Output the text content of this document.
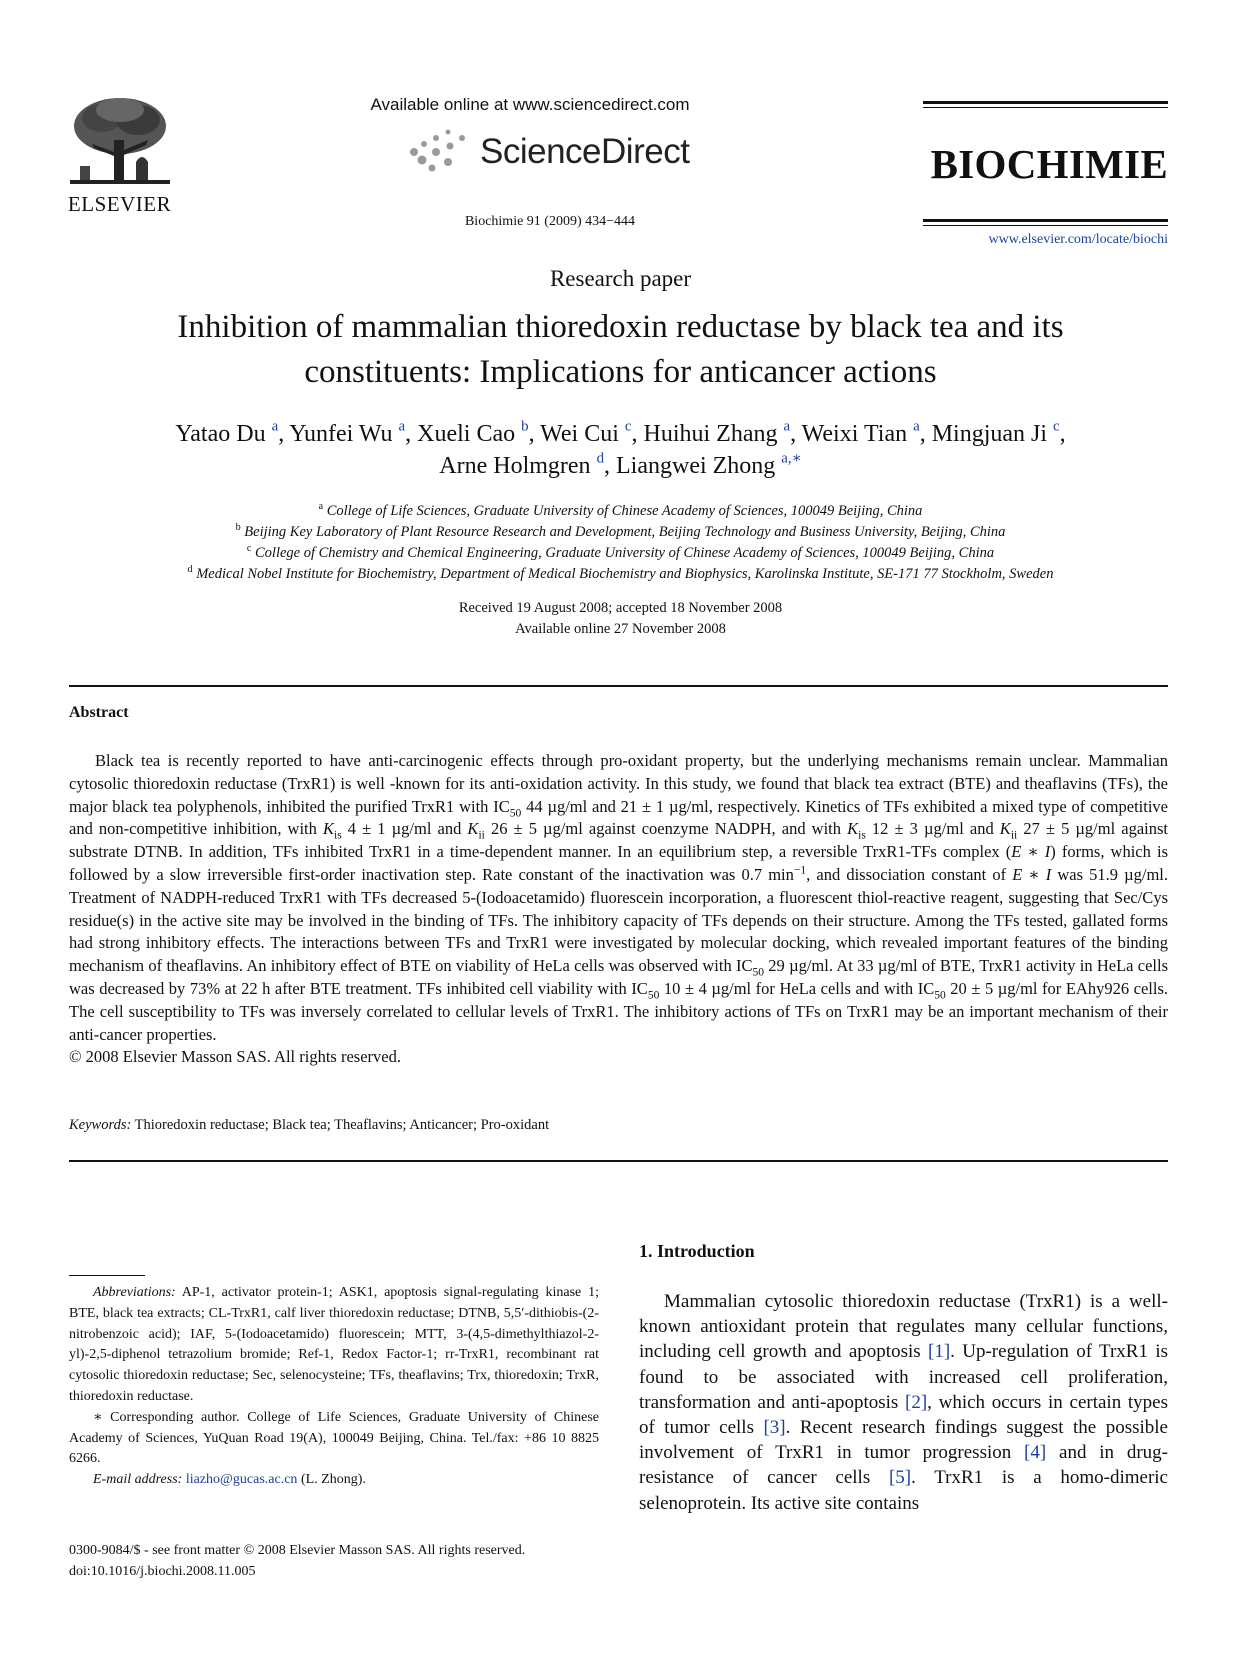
ELSEVIER
Available online at www.sciencedirect.com
ScienceDirect
Biochimie 91 (2009) 434−444
BIOCHIMIE
www.elsevier.com/locate/biochi
Research paper
Inhibition of mammalian thioredoxin reductase by black tea and its
constituents: Implications for anticancer actions
Yatao Du $^a$, Yunfei Wu $^a$, Xueli Cao $^b$, Wei Cui $^c$, Huihui Zhang $^a$, Weixi Tian $^a$, Mingjuan Ji $^c$,
Arne Holmgren $^d$, Liangwei Zhong $^{a,∗}$
$^a$ College of Life Sciences, Graduate University of Chinese Academy of Sciences, 100049 Beijing, China
$^b$ Beijing Key Laboratory of Plant Resource Research and Development, Beijing Technology and Business University, Beijing, China
$^c$ College of Chemistry and Chemical Engineering, Graduate University of Chinese Academy of Sciences, 100049 Beijing, China
$^d$ Medical Nobel Institute for Biochemistry, Department of Medical Biochemistry and Biophysics, Karolinska Institute, SE-171 77 Stockholm, Sweden
Received 19 August 2008; accepted 18 November 2008
Available online 27 November 2008
Abstract
Black tea is recently reported to have anti-carcinogenic effects through pro-oxidant property, but the underlying mechanisms remain unclear. Mammalian cytosolic thioredoxin reductase (TrxR1) is well -known for its anti-oxidation activity. In this study, we found that black tea extract (BTE) and theaflavins (TFs), the major black tea polyphenols, inhibited the purified TrxR1 with $IC_{50}$ 44 µg/ml and 21 ± 1 µg/ml, respectively. Kinetics of TFs exhibited a mixed type of competitive and non-competitive inhibition, with $K_{is}$ 4 ± 1 µg/ml and $K_{ii}$ 26 ± 5 µg/ml against coenzyme NADPH, and with $K_{is}$ 12 ± 3 µg/ml and $K_{ii}$ 27 ± 5 µg/ml against substrate DTNB. In addition, TFs inhibited TrxR1 in a time-dependent manner. In an equilibrium step, a reversible TrxR1-TFs complex (E ∗ I) forms, which is followed by a slow irreversible first-order inactivation step. Rate constant of the inactivation was 0.7 $\min^{-1}$, and dissociation constant of E ∗ I was 51.9 µg/ml. Treatment of NADPH-reduced TrxR1 with TFs decreased 5-(Iodoacetamido) fluorescein incorporation, a fluorescent thiol-reactive reagent, suggesting that Sec/Cys residue(s) in the active site may be involved in the binding of TFs. The inhibitory capacity of TFs depends on their structure. Among the TFs tested, gallated forms had strong inhibitory effects. The interactions between TFs and TrxR1 were investigated by molecular docking, which revealed important features of the binding mechanism of theaflavins. An inhibitory effect of BTE on viability of HeLa cells was observed with $IC_{50}$ 29 µg/ml. At 33 µg/ml of BTE, TrxR1 activity in HeLa cells was decreased by 73% at 22 h after BTE treatment. TFs inhibited cell viability with $IC_{50}$ 10 ± 4 µg/ml for HeLa cells and with $IC_{50}$ 20 ± 5 µg/ml for EAhy926 cells. The cell susceptibility to TFs was inversely correlated to cellular levels of TrxR1. The inhibitory actions of TFs on TrxR1 may be an important mechanism of their anti-cancer properties.
© 2008 Elsevier Masson SAS. All rights reserved.
Keywords: Thioredoxin reductase; Black tea; Theaflavins; Anticancer; Pro-oxidant
Abbreviations: AP-1, activator protein-1; ASK1, apoptosis signal-regulating kinase 1; BTE, black tea extracts; CL-TrxR1, calf liver thioredoxin reductase; DTNB, 5,5′-dithiobis-(2-nitrobenzoic acid); IAF, 5-(Iodoacetamido) fluorescein; MTT, 3-(4,5-dimethylthiazol-2-yl)-2,5-diphenol tetrazolium bromide; Ref-1, Redox Factor-1; rr-TrxR1, recombinant rat cytosolic thioredoxin reductase; Sec, selenocysteine; TFs, theaflavins; Trx, thioredoxin; TrxR, thioredoxin reductase.
∗ Corresponding author. College of Life Sciences, Graduate University of Chinese Academy of Sciences, YuQuan Road 19(A), 100049 Beijing, China. Tel./fax: +86 10 8825 6266.
E-mail address: liazho@gucas.ac.cn (L. Zhong).
0300-9084/$ - see front matter © 2008 Elsevier Masson SAS. All rights reserved.
doi:10.1016/j.biochi.2008.11.005
1. Introduction
Mammalian cytosolic thioredoxin reductase (TrxR1) is a well-known antioxidant protein that regulates many cellular functions, including cell growth and apoptosis [1]. Up-regulation of TrxR1 is found to be associated with increased cell proliferation, transformation and anti-apoptosis [2], which occurs in certain types of tumor cells [3]. Recent research findings suggest the possible involvement of TrxR1 in tumor progression [4] and in drug-resistance of cancer cells [5]. TrxR1 is a homo-dimeric selenoprotein. Its active site contains
